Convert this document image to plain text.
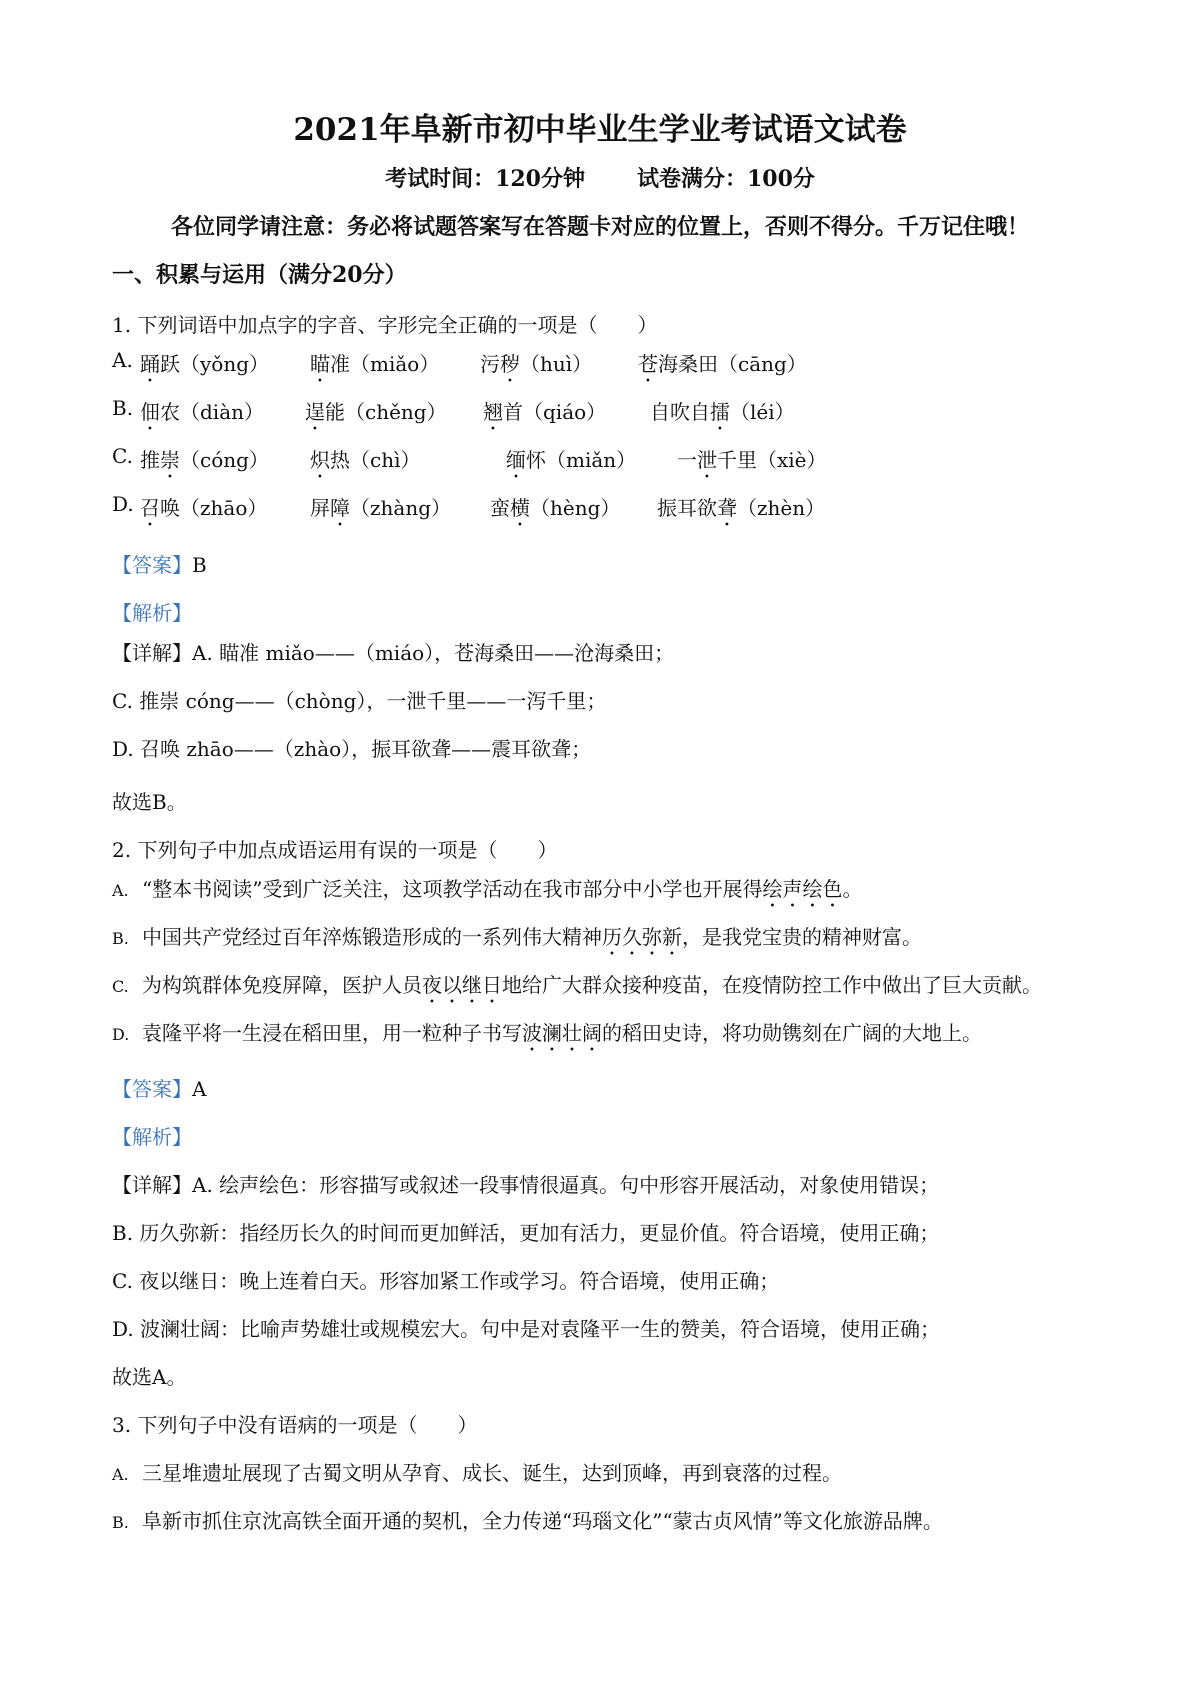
2021年阜新市初中毕业生学业考试语文试卷
考试时间：120分钟 试卷满分：100分
各位同学请注意：务必将试题答案写在答题卡对应的位置上，否则不得分。千万记住哦！
一、积累与运用（满分20分）
1. 下列词语中加点字的字音、字形完全正确的一项是（　　）
A. 踊跃（yǒng） 瞄准（miǎo） 污秽（huì） 苍海桑田（cāng）
B. 佃农（diàn） 逞能（chěng） 翘首（qiáo） 自吹自擂（léi）
C. 推崇（cóng） 炽热（chì）	缅怀（miǎn） 一泄千里（xiè）
D. 召唤（zhāo） 屏障（zhàng） 蛮横（hèng） 振耳欲聋（zhèn）
【答案】B
【解析】
【详解】A. 瞄准 miǎo——（miáo），苍海桑田——沧海桑田；
C. 推崇 cóng——（chòng），一泄千里——一泻千里；
D. 召唤 zhāo——（zhào），振耳欲聋——震耳欲聋；
故选B。
2. 下列句子中加点成语运用有误的一项是（　　）
A. “整本书阅读”受到广泛关注，这项教学活动在我市部分中小学也开展得绘声绘色。
B. 中国共产党经过百年淬炼锻造形成的一系列伟大精神历久弥新，是我党宝贵的精神财富。
C. 为构筑群体免疫屏障，医护人员夜以继日地给广大群众接种疫苗，在疫情防控工作中做出了巨大贡献。
D. 袁隆平将一生浸在稻田里，用一粒种子书写波澜壮阔的稻田史诗，将功勋镌刻在广阔的大地上。
【答案】A
【解析】
【详解】A. 绘声绘色：形容描写或叙述一段事情很逼真。句中形容开展活动，对象使用错误；
B. 历久弥新：指经历长久的时间而更加鲜活，更加有活力，更显价值。符合语境，使用正确；
C. 夜以继日：晚上连着白天。形容加紧工作或学习。符合语境，使用正确；
D. 波澜壮阔：比喻声势雄壮或规模宏大。句中是对袁隆平一生的赞美，符合语境，使用正确；
故选A。
3. 下列句子中没有语病的一项是（　　）
A. 三星堆遗址展现了古蜀文明从孕育、成长、诞生，达到顶峰，再到衰落的过程。
B. 阜新市抓住京沈高铁全面开通的契机，全力传递“玛瑙文化”“蒙古贞风情”等文化旅游品牌。
